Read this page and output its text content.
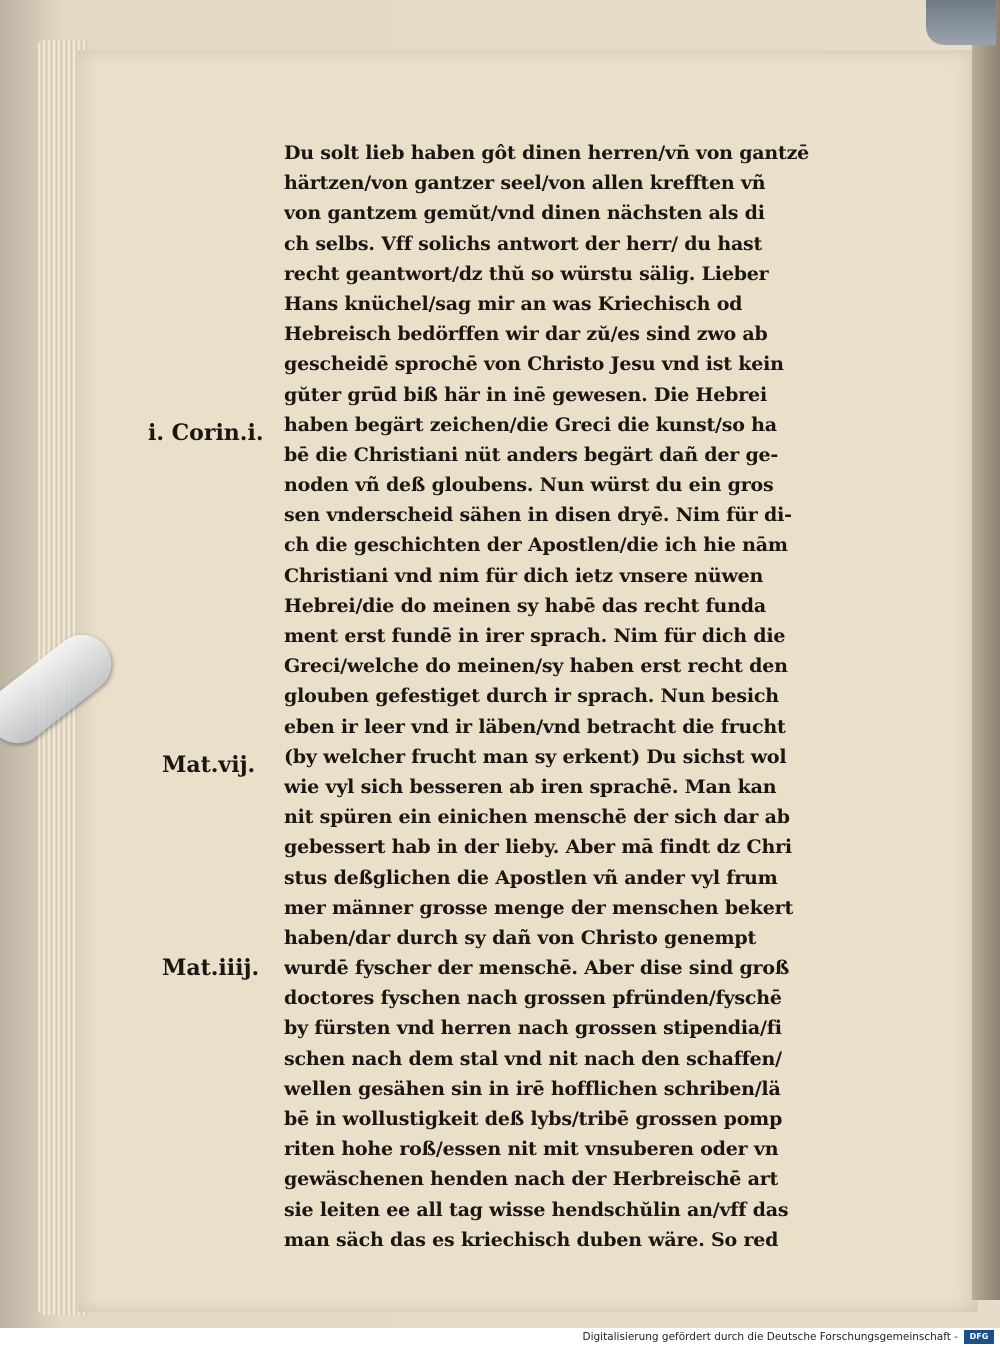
Du solt lieb haben gôt dinen herren/vn̄ von gantzē
härtzen/von gantzer seel/von allen krefften vñ
von gantzem gemŭt/vnd dinen nächsten als di
ch selbs. Vff solichs antwort der herr/ du hast
recht geantwort/dz thŭ so würstu sälig. Lieber
Hans knüchel/sag mir an was Kriechisch od
Hebreisch bedörffen wir dar zŭ/es sind zwo ab
gescheidē sprochē von Christo Jesu vnd ist kein
gŭter grūd biß här in inē gewesen. Die Hebrei
haben begärt zeichen/die Greci die kunst/so ha
bē die Christiani nüt anders begärt dañ der ge-
noden vñ deß gloubens. Nun würst du ein gros
sen vnderscheid sähen in disen dryē. Nim für di-
ch die geschichten der Apostlen/die ich hie nām
Christiani vnd nim für dich ietz vnsere nüwen
Hebrei/die do meinen sy habē das recht funda
ment erst fundē in irer sprach. Nim für dich die
Greci/welche do meinen/sy haben erst recht den
glouben gefestiget durch ir sprach. Nun besich
eben ir leer vnd ir läben/vnd betracht die frucht
(by welcher frucht man sy erkent) Du sichst wol
wie vyl sich besseren ab iren sprachē. Man kan
nit spüren ein einichen menschē der sich dar ab
gebessert hab in der lieby. Aber mā findt dz Chri
stus deßglichen die Apostlen vñ ander vyl frum
mer männer grosse menge der menschen bekert
haben/dar durch sy dañ von Christo genempt
wurdē fyscher der menschē. Aber dise sind groß
doctores fyschen nach grossen pfründen/fyschē
by fürsten vnd herren nach grossen stipendia/fi
schen nach dem stal vnd nit nach den schaffen/
wellen gesähen sin in irē hofflichen schriben/lä
bē in wollustigkeit deß lybs/tribē grossen pomp
riten hohe roß/essen nit mit vnsuberen oder vn
gewäschenen henden nach der Herbreischē art
sie leiten ee all tag wisse hendschŭlin an/vff das
man säch das es kriechisch duben wäre. So red
i. Corin.i.
Mat.vij.
Mat.iiij.
Digitalisierung gefördert durch die Deutsche Forschungsgemeinschaft -	DFG
